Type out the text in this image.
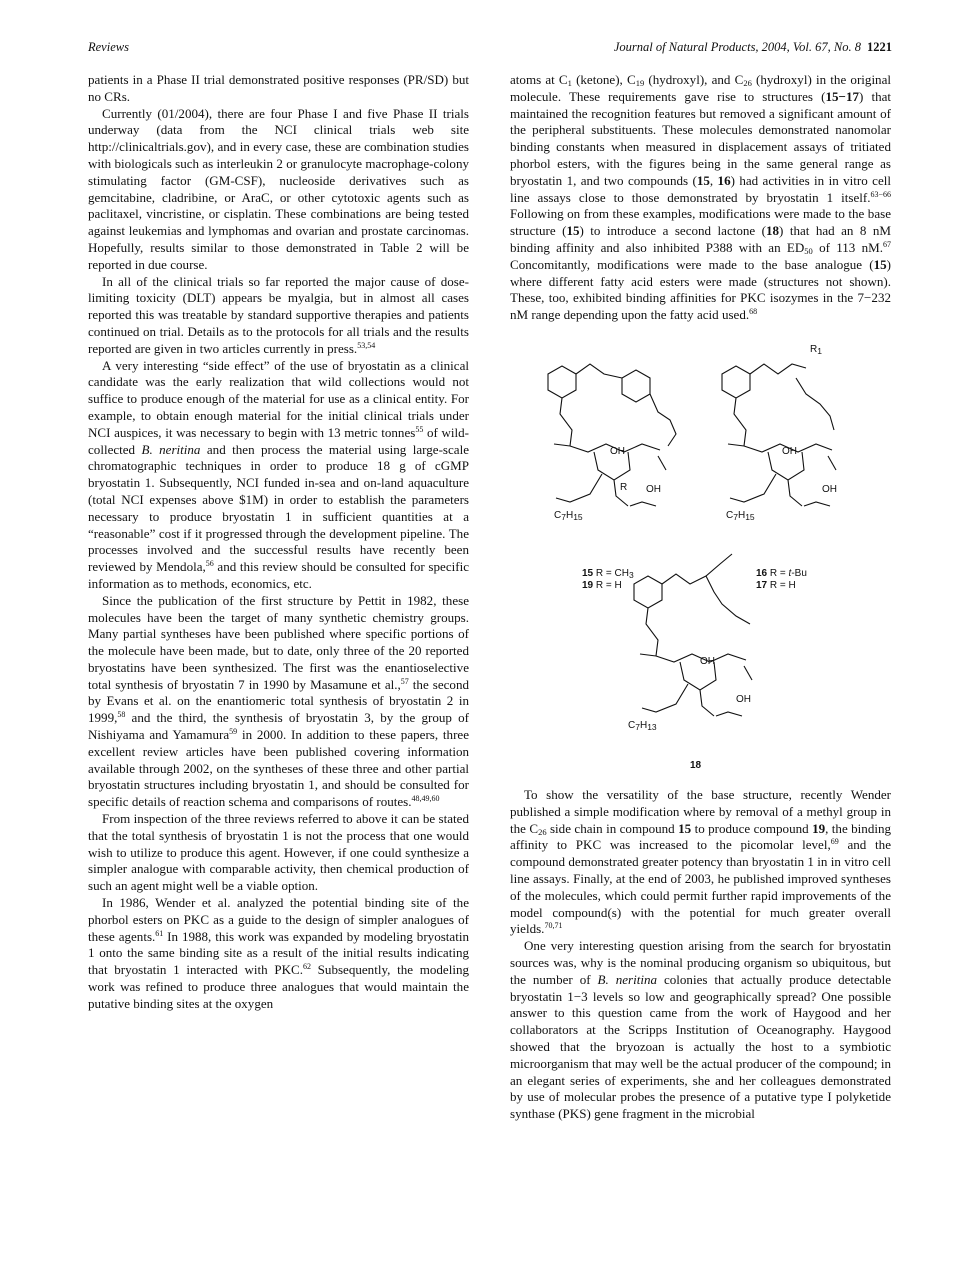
Reviews	Journal of Natural Products, 2004, Vol. 67, No. 8 1221

patients in a Phase II trial demonstrated positive responses (PR/SD) but no CRs.

Currently (01/2004), there are four Phase I and five Phase II trials underway (data from the NCI clinical trials web site http://clinicaltrials.gov), and in every case, these are combination studies with biologicals such as interleukin 2 or granulocyte macrophage-colony stimulating factor (GM-CSF), nucleoside derivatives such as gemcitabine, cladribine, or AraC, or other cytotoxic agents such as paclitaxel, vincristine, or cisplatin. These combinations are being tested against leukemias and lymphomas and ovarian and prostate carcinomas. Hopefully, results similar to those demonstrated in Table 2 will be reported in due course.

In all of the clinical trials so far reported the major cause of dose-limiting toxicity (DLT) appears be myalgia, but in almost all cases reported this was treatable by standard supportive therapies and patients continued on trial. Details as to the protocols for all trials and the results reported are given in two articles currently in press.$^{53,54}$

A very interesting “side effect” of the use of bryostatin as a clinical candidate was the early realization that wild collections would not suffice to produce enough of the material for use as a clinical entity. For example, to obtain enough material for the initial clinical trials under NCI auspices, it was necessary to begin with 13 metric tonnes$^{55}$ of wild-collected B. neritina and then process the material using large-scale chromatographic techniques in order to produce 18 g of cGMP bryostatin 1. Subsequently, NCI funded in-sea and on-land aquaculture (total NCI expenses above $1M) in order to establish the parameters necessary to produce bryostatin 1 in sufficient quantities at a “reasonable” cost if it progressed through the development pipeline. The processes involved and the successful results have recently been reviewed by Mendola,$^{56}$ and this review should be consulted for specific information as to methods, economics, etc.

Since the publication of the first structure by Pettit in 1982, these molecules have been the target of many synthetic chemistry groups. Many partial syntheses have been published where specific portions of the molecule have been made, but to date, only three of the 20 reported bryostatins have been synthesized. The first was the enantioselective total synthesis of bryostatin 7 in 1990 by Masamune et al.,$^{57}$ the second by Evans et al. on the enantiomeric total synthesis of bryostatin 2 in 1999,58 and the third, the synthesis of bryostatin 3, by the group of Nishiyama and Yamamura$^{59}$ in 2000. In addition to these papers, three excellent review articles have been published covering information available through 2002, on the syntheses of these three and other partial bryostatin structures including bryostatin 1, and should be consulted for specific details of reaction schema and comparisons of routes.$^{48,49,60}$

From inspection of the three reviews referred to above it can be stated that the total synthesis of bryostatin 1 is not the process that one would wish to utilize to produce this agent. However, if one could synthesize a simpler analogue with comparable activity, then chemical production of such an agent might well be a viable option.

In 1986, Wender et al. analyzed the potential binding site of the phorbol esters on PKC as a guide to the design of simpler analogues of these agents.$^{61}$ In 1988, this work was expanded by modeling bryostatin 1 onto the same binding site as a result of the initial results indicating that bryostatin 1 interacted with PKC.$^{62}$ Subsequently, the modeling work was refined to produce three analogues that would maintain the putative binding sites at the oxygen

atoms at $C_1$ (ketone), $C_{19}$ (hydroxyl), and $C_{26}$ (hydroxyl) in the original molecule. These requirements gave rise to structures (15−17) that maintained the recognition features but removed a significant amount of the peripheral substituents. These molecules demonstrated nanomolar binding constants when measured in displacement assays of tritiated phorbol esters, with the figures being in the same general range as bryostatin 1, and two compounds (15, 16) had activities in in vitro cell line assays close to those demonstrated by bryostatin 1 itself.$^{63-66}$ Following on from these examples, modifications were made to the base structure (15) to introduce a second lactone (18) that had an 8 nM binding affinity and also inhibited P388 with an $ED_{50}$ of 113 nM.$^{67}$ Concomitantly, modifications were made to the base analogue (15) where different fatty acid esters were made (structures not shown). These, too, exhibited binding affinities for PKC isozymes in the 7−232 nM range depending upon the fatty acid used.$^{68}$

$C_7H_{15}$	$C_7H_{15}$
$C_7H_{13}$
R
$R_1$
OH
OH
OH
OH
OH
OH
15 $R = CH_3$
19 R = H
16 R = t-Bu
17 R = H
18

To show the versatility of the base structure, recently Wender published a simple modification where by removal of a methyl group in the $C_{26}$ side chain in compound 15 to produce compound 19, the binding affinity to PKC was increased to the picomolar level,$^{69}$ and the compound demonstrated greater potency than bryostatin 1 in in vitro cell line assays. Finally, at the end of 2003, he published improved syntheses of the molecules, which could permit further rapid improvements of the model compound(s) with the potential for much greater overall yields.$^{70,71}$

One very interesting question arising from the search for bryostatin sources was, why is the nominal producing organism so ubiquitous, but the number of B. neritina colonies that actually produce detectable bryostatin 1−3 levels so low and geographically spread? One possible answer to this question came from the work of Haygood and her collaborators at the Scripps Institution of Oceanography. Haygood showed that the bryozoan is actually the host to a symbiotic microorganism that may well be the actual producer of the compound; in an elegant series of experiments, she and her colleagues demonstrated by use of molecular probes the presence of a putative type I polyketide synthase (PKS) gene fragment in the microbial
